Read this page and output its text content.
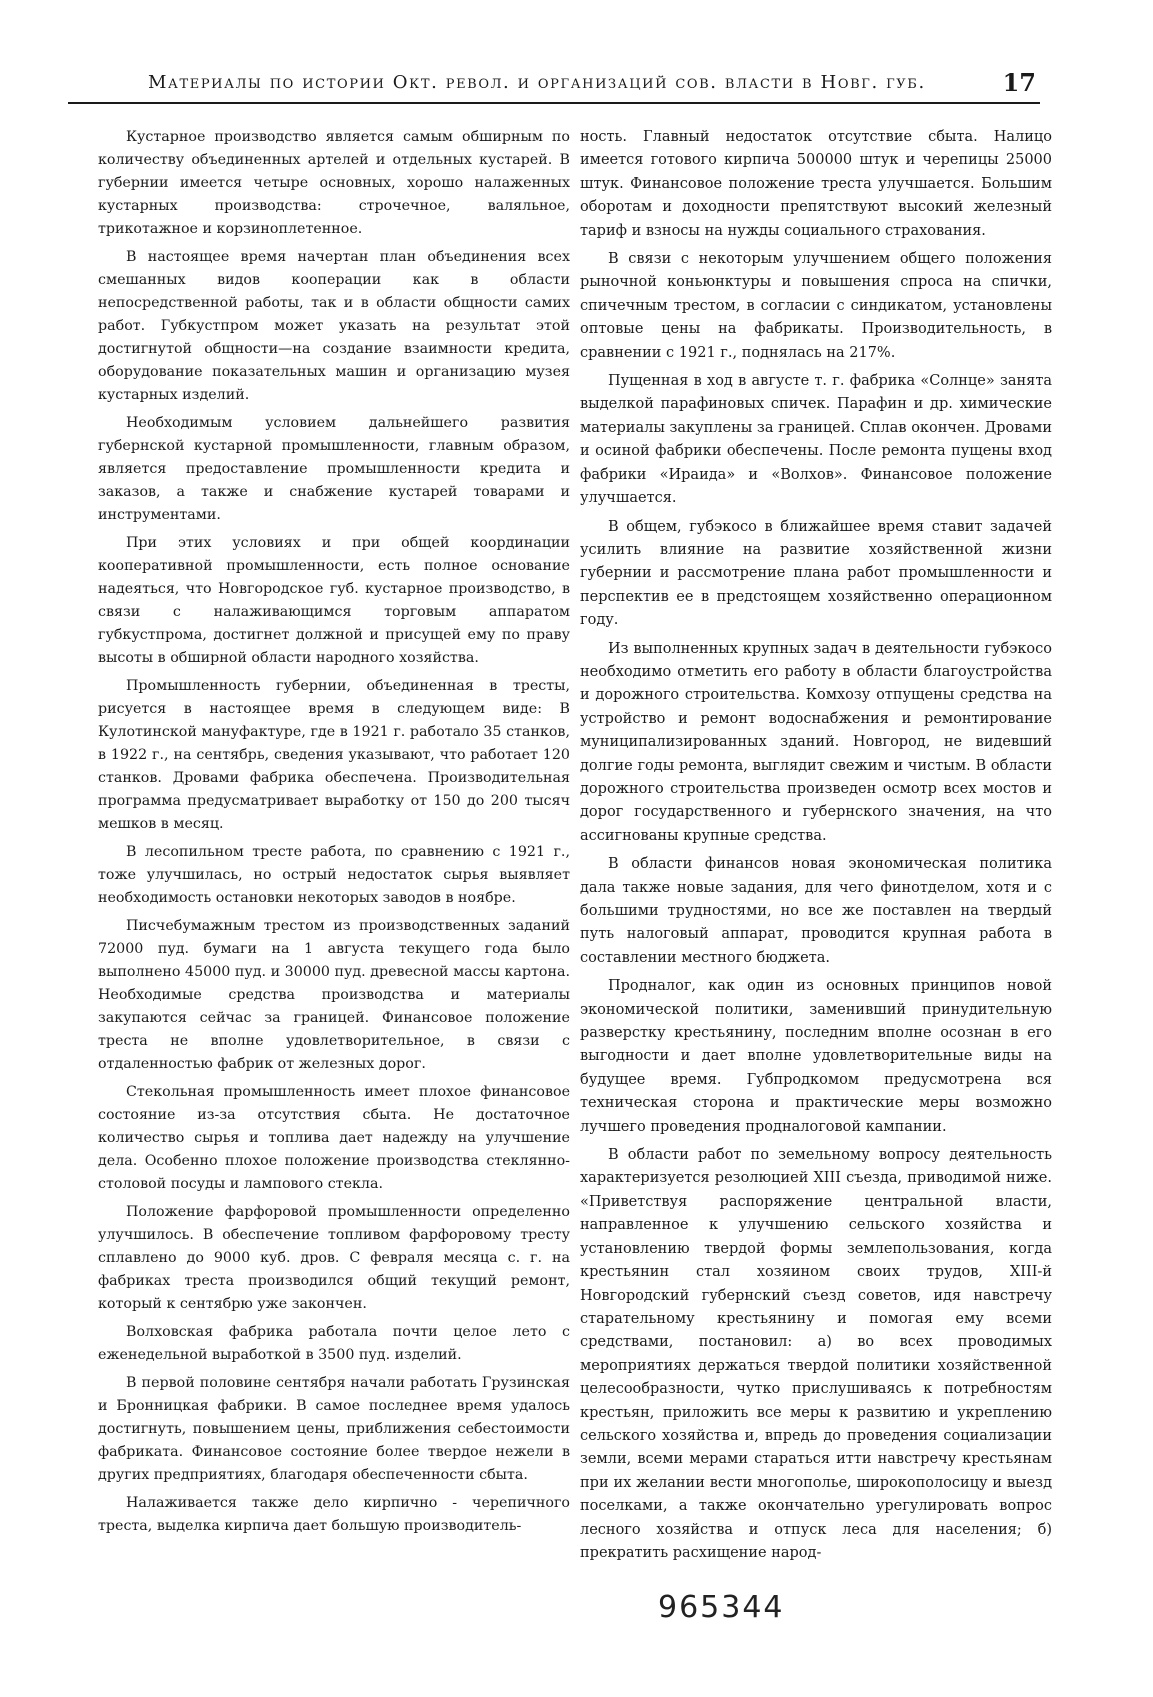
Материалы по истории Окт. револ. и организаций сов. власти в Новг. губ.	17

Кустарное производство является самым обширным по количеству объединенных артелей и отдельных кустарей. В губернии имеется четыре основных, хорошо налаженных кустарных производства: строчечное, валяльное, трикотажное и корзиноплетенное.

В настоящее время начертан план объединения всех смешанных видов кооперации как в области непосредственной работы, так и в области общности самих работ. Губкустпром может указать на результат этой достигнутой общности—на создание взаимности кредита, оборудование показательных машин и организацию музея кустарных изделий.

Необходимым условием дальнейшего развития губернской кустарной промышленности, главным образом, является предоставление промышленности кредита и заказов, а также и снабжение кустарей товарами и инструментами.

При этих условиях и при общей координации кооперативной промышленности, есть полное основание надеяться, что Новгородское губ. кустарное производство, в связи с налаживающимся торговым аппаратом губкустпрома, достигнет должной и присущей ему по праву высоты в обширной области народного хозяйства.

Промышленность губернии, объединенная в тресты, рисуется в настоящее время в следующем виде: В Кулотинской мануфактуре, где в 1921 г. работало 35 станков, в 1922 г., на сентябрь, сведения указывают, что работает 120 станков. Дровами фабрика обеспечена. Производительная программа предусматривает выработку от 150 до 200 тысяч мешков в месяц.

В лесопильном тресте работа, по сравнению с 1921 г., тоже улучшилась, но острый недостаток сырья выявляет необходимость остановки некоторых заводов в ноябре.

Писчебумажным трестом из производственных заданий 72000 пуд. бумаги на 1 августа текущего года было выполнено 45000 пуд. и 30000 пуд. древесной массы картона. Необходимые средства производства и материалы закупаются сейчас за границей. Финансовое положение треста не вполне удовлетворительное, в связи с отдаленностью фабрик от железных дорог.

Стекольная промышленность имеет плохое финансовое состояние из-за отсутствия сбыта. Не достаточное количество сырья и топлива дает надежду на улучшение дела. Особенно плохое положение производства стеклянно-столовой посуды и лампового стекла.

Положение фарфоровой промышленности определенно улучшилось. В обеспечение топливом фарфоровому тресту сплавлено до 9000 куб. дров. С февраля месяца с. г. на фабриках треста производился общий текущий ремонт, который к сентябрю уже закончен.

Волховская фабрика работала почти целое лето с еженедельной выработкой в 3500 пуд. изделий.

В первой половине сентября начали работать Грузинская и Бронницкая фабрики. В самое последнее время удалось достигнуть, повышением цены, приближения себестоимости фабриката. Финансовое состояние более твердое нежели в других предприятиях, благодаря обеспеченности сбыта.

Налаживается также дело кирпично - черепичного треста, выделка кирпича дает большую производитель-

ность. Главный недостаток отсутствие сбыта. Налицо имеется готового кирпича 500000 штук и черепицы 25000 штук. Финансовое положение треста улучшается. Большим оборотам и доходности препятствуют высокий железный тариф и взносы на нужды социального страхования.

В связи с некоторым улучшением общего положения рыночной коньюнктуры и повышения спроса на спички, спичечным трестом, в согласии с синдикатом, установлены оптовые цены на фабрикаты. Производительность, в сравнении с 1921 г., поднялась на 217%.

Пущенная в ход в августе т. г. фабрика «Солнце» занята выделкой парафиновых спичек. Парафин и др. химические материалы закуплены за границей. Сплав окончен. Дровами и осиной фабрики обеспечены. После ремонта пущены вход фабрики «Ираида» и «Волхов». Финансовое положение улучшается.

В общем, губэкосо в ближайшее время ставит задачей усилить влияние на развитие хозяйственной жизни губернии и рассмотрение плана работ промышленности и перспектив ее в предстоящем хозяйственно операционном году.

Из выполненных крупных задач в деятельности губэкосо необходимо отметить его работу в области благоустройства и дорожного строительства. Комхозу отпущены средства на устройство и ремонт водоснабжения и ремонтирование муниципализированных зданий. Новгород, не видевший долгие годы ремонта, выглядит свежим и чистым. В области дорожного строительства произведен осмотр всех мостов и дорог государственного и губернского значения, на что ассигнованы крупные средства.

В области финансов новая экономическая политика дала также новые задания, для чего финотделом, хотя и с большими трудностями, но все же поставлен на твердый путь налоговый аппарат, проводится крупная работа в составлении местного бюджета.

Продналог, как один из основных принципов новой экономической политики, заменивший принудительную разверстку крестьянину, последним вполне осознан в его выгодности и дает вполне удовлетворительные виды на будущее время. Губпродкомом предусмотрена вся техническая сторона и практические меры возможно лучшего проведения продналоговой кампании.

В области работ по земельному вопросу деятельность характеризуется резолюцией XIII съезда, приводимой ниже. «Приветствуя распоряжение центральной власти, направленное к улучшению сельского хозяйства и установлению твердой формы землепользования, когда крестьянин стал хозяином своих трудов, XIII-й Новгородский губернский съезд советов, идя навстречу старательному крестьянину и помогая ему всеми средствами, постановил: а) во всех проводимых мероприятиях держаться твердой политики хозяйственной целесообразности, чутко прислушиваясь к потребностям крестьян, приложить все меры к развитию и укреплению сельского хозяйства и, впредь до проведения социализации земли, всеми мерами стараться итти навстречу крестьянам при их желании вести многополье, широкополосицу и выезд поселками, а также окончательно урегулировать вопрос лесного хозяйства и отпуск леса для населения; б) прекратить расхищение народ-

965344
